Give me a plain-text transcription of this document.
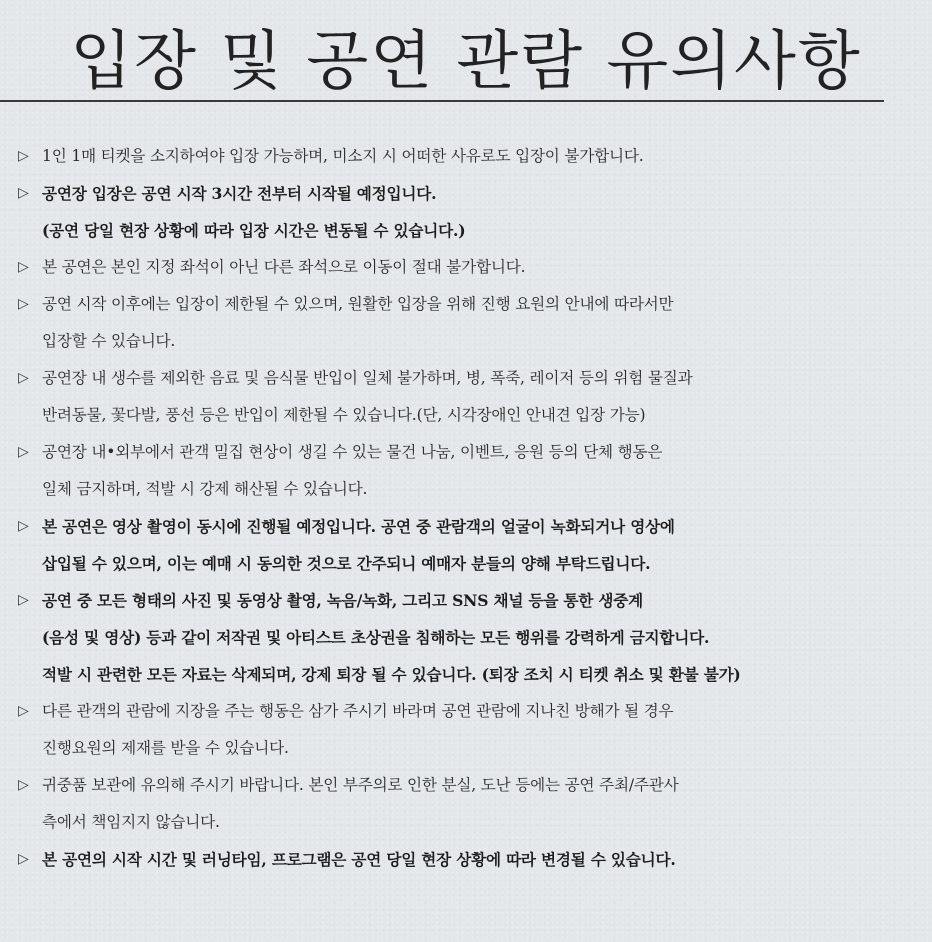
입장 및 공연 관람 유의사항
▷ 1인 1매 티켓을 소지하여야 입장 가능하며, 미소지 시 어떠한 사유로도 입장이 불가합니다.
▷ 공연장 입장은 공연 시작 3시간 전부터 시작될 예정입니다.
(공연 당일 현장 상황에 따라 입장 시간은 변동될 수 있습니다.)
▷ 본 공연은 본인 지정 좌석이 아닌 다른 좌석으로 이동이 절대 불가합니다.
▷ 공연 시작 이후에는 입장이 제한될 수 있으며, 원활한 입장을 위해 진행 요원의 안내에 따라서만
입장할 수 있습니다.
▷ 공연장 내 생수를 제외한 음료 및 음식물 반입이 일체 불가하며, 병, 폭죽, 레이저 등의 위험 물질과
반려동물, 꽃다발, 풍선 등은 반입이 제한될 수 있습니다.(단, 시각장애인 안내견 입장 가능)
▷ 공연장 내•외부에서 관객 밀집 현상이 생길 수 있는 물건 나눔, 이벤트, 응원 등의 단체 행동은
일체 금지하며, 적발 시 강제 해산될 수 있습니다.
▷ 본 공연은 영상 촬영이 동시에 진행될 예정입니다. 공연 중 관람객의 얼굴이 녹화되거나 영상에
삽입될 수 있으며, 이는 예매 시 동의한 것으로 간주되니 예매자 분들의 양해 부탁드립니다.
▷ 공연 중 모든 형태의 사진 및 동영상 촬영, 녹음/녹화, 그리고 SNS 채널 등을 통한 생중계
(음성 및 영상) 등과 같이 저작권 및 아티스트 초상권을 침해하는 모든 행위를 강력하게 금지합니다.
적발 시 관련한 모든 자료는 삭제되며, 강제 퇴장 될 수 있습니다. (퇴장 조치 시 티켓 취소 및 환불 불가)
▷ 다른 관객의 관람에 지장을 주는 행동은 삼가 주시기 바라며 공연 관람에 지나친 방해가 될 경우
진행요원의 제재를 받을 수 있습니다.
▷ 귀중품 보관에 유의해 주시기 바랍니다. 본인 부주의로 인한 분실, 도난 등에는 공연 주최/주관사
측에서 책임지지 않습니다.
▷ 본 공연의 시작 시간 및 러닝타임, 프로그램은 공연 당일 현장 상황에 따라 변경될 수 있습니다.
